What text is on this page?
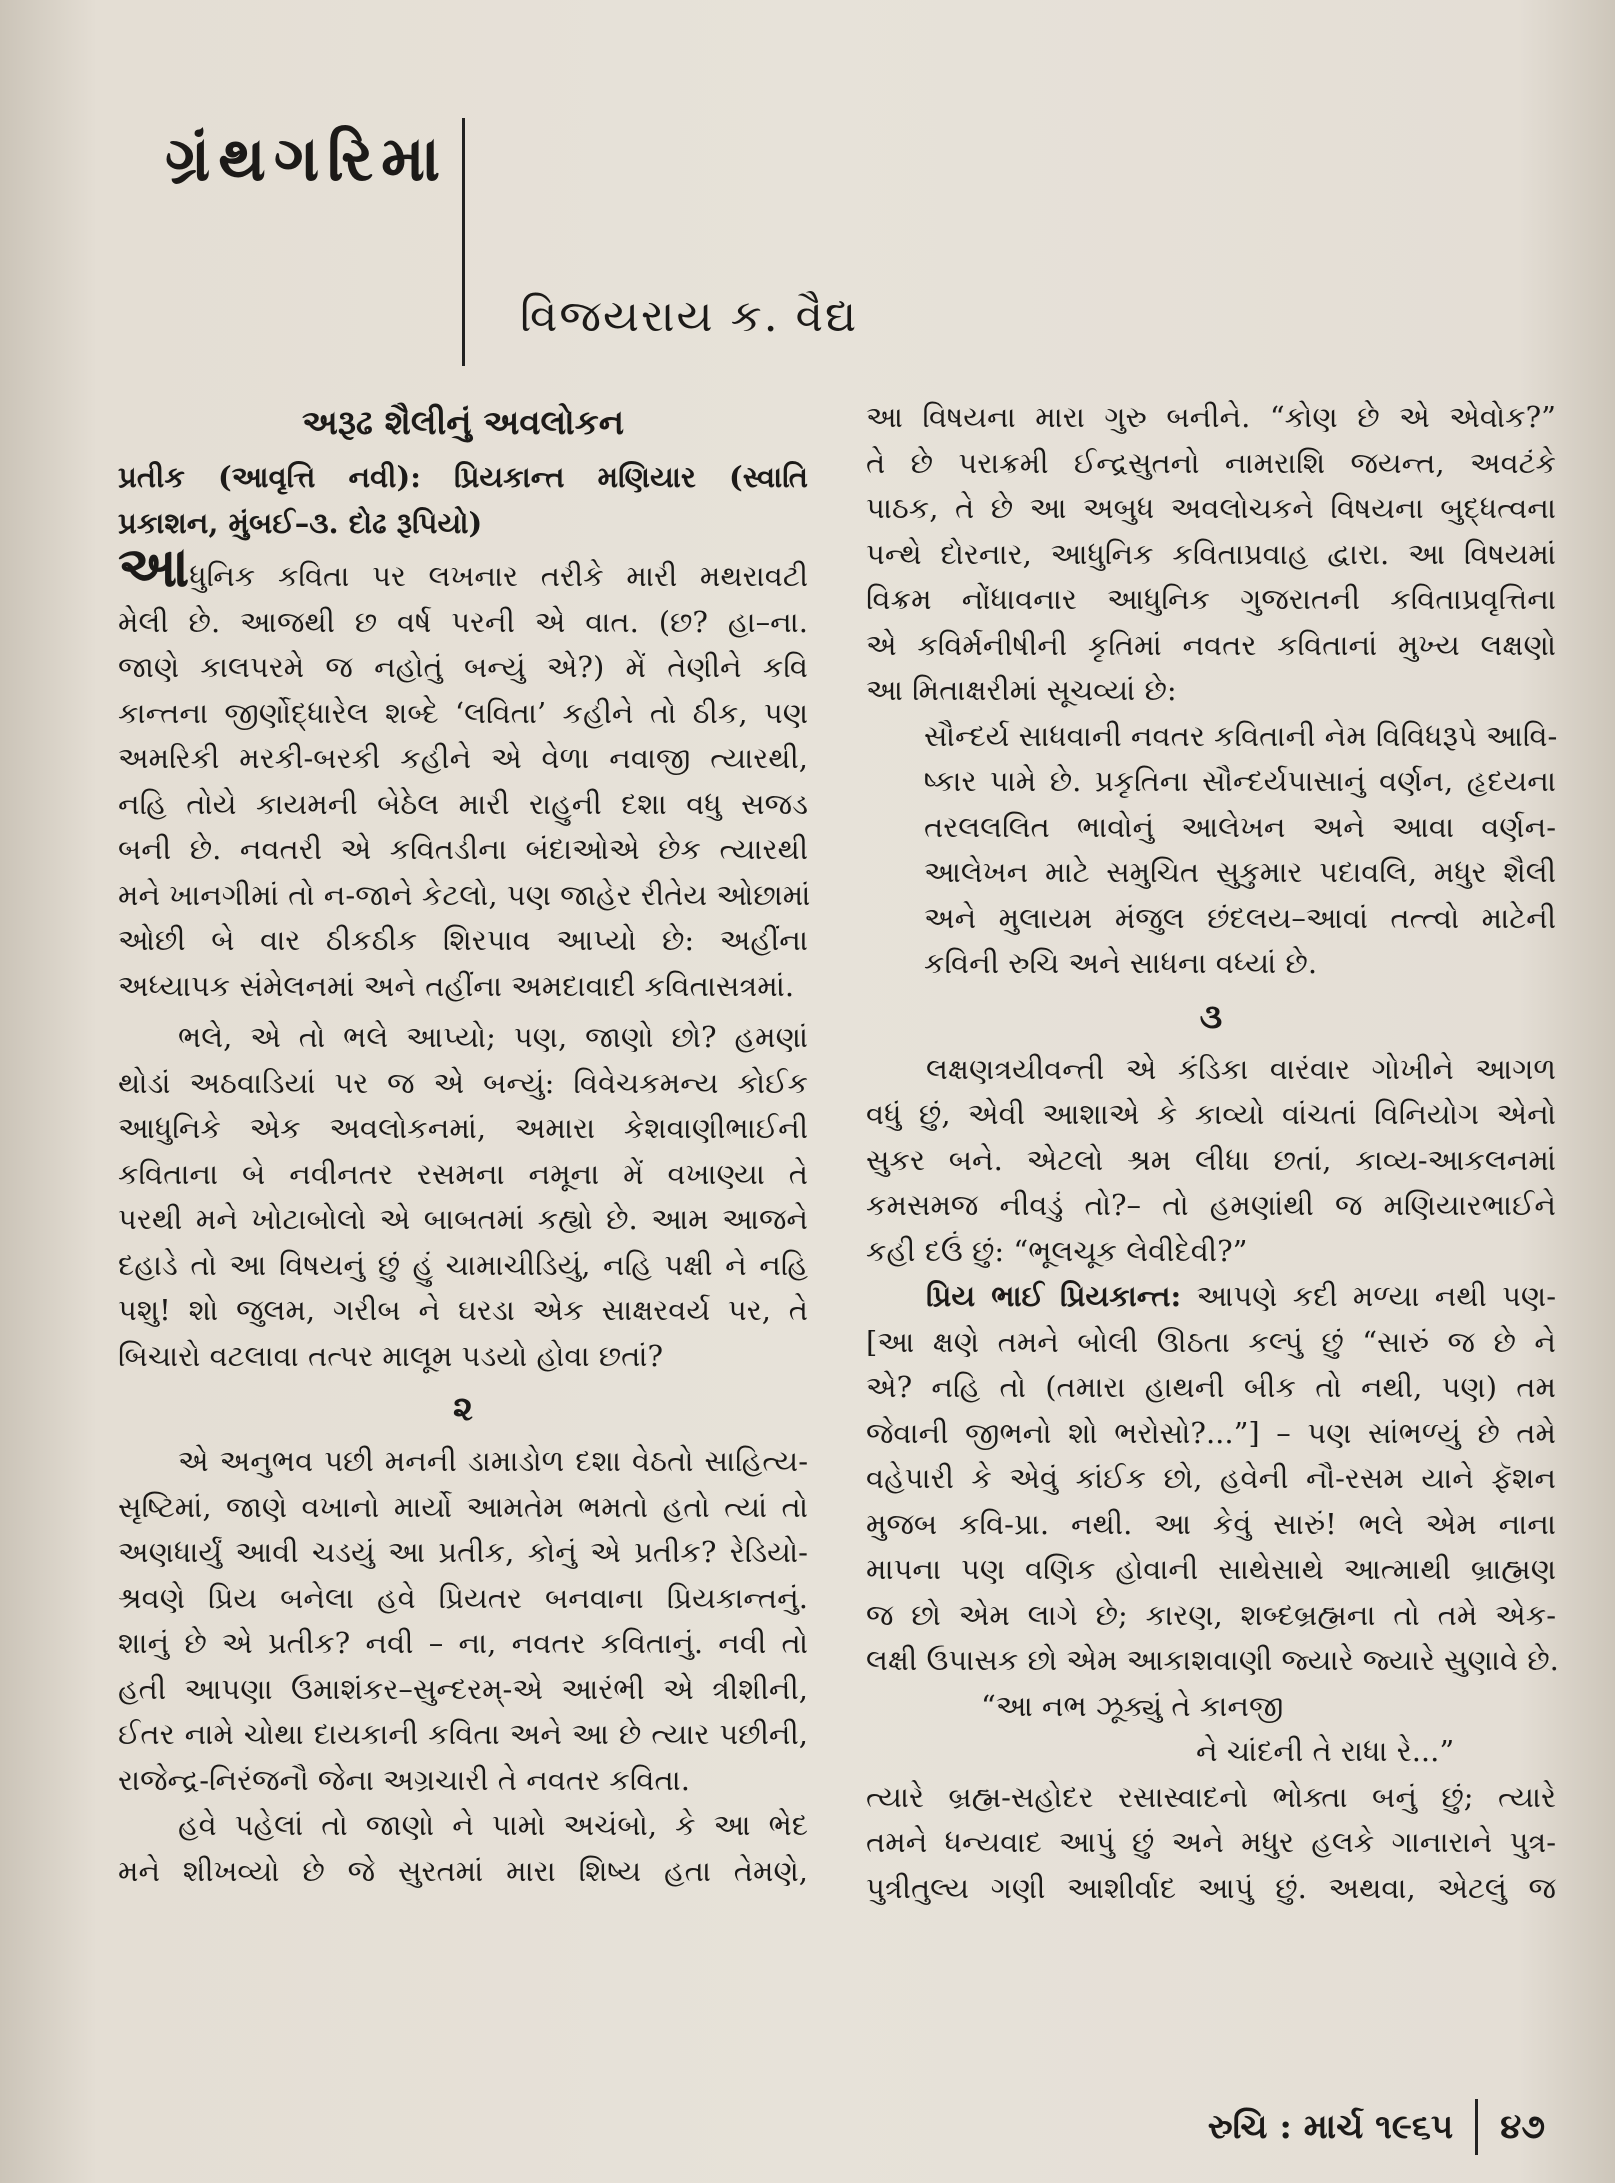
ગ્રંથગરિમા
વિજયરાય ક. વૈદ્ય
અરૂઢ શૈલીનું અવલોકન
પ્રતીક (આવૃત્તિ નવી): પ્રિયકાન્ત મણિયાર (સ્વાતિ
પ્રકાશન, મુંબઈ–૩. દોઢ રૂપિયો)
આધુનિક કવિતા પર લખનાર તરીકે મારી મથરાવટી
મેલી છે. આજથી છ વર્ષ પરની એ વાત. (છ? હા–ના.
જાણે કાલપરમે જ નહોતું બન્યું એ?) મેં તેણીને કવિ
કાન્તના જીર્ણોદ્ધારેલ શબ્દે ‘લવિતા’ કહીને તો ઠીક, પણ
અમરિકી મરકી-બરકી કહીને એ વેળા નવાજી ત્યારથી,
નહિ તોયે કાયમની બેઠેલ મારી રાહુની દશા વધુ સજડ
બની છે. નવતરી એ કવિતડીના બંદાઓએ છેક ત્યારથી
મને ખાનગીમાં તો ન-જાને કેટલો, પણ જાહેર રીતેય ઓછામાં
ઓછી બે વાર ઠીકઠીક શિરપાવ આપ્યો છે: અહીંના
અધ્યાપક સંમેલનમાં અને તહીંના અમદાવાદી કવિતાસત્રમાં.
ભલે, એ તો ભલે આપ્યો; પણ, જાણો છો? હમણાં
થોડાં અઠવાડિયાં પર જ એ બન્યું: વિવેચકમન્ય કોઈક
આધુનિકે એક અવલોકનમાં, અમારા કેશવાણીભાઈની
કવિતાના બે નવીનતર રસમના નમૂના મેં વખાણ્યા તે
પરથી મને ખોટાબોલો એ બાબતમાં કહ્યો છે. આમ આજને
દહાડે તો આ વિષયનું છું હું ચામાચીડિયું, નહિ પક્ષી ને નહિ
પશુ! શો જુલમ, ગરીબ ને ઘરડા એક સાક્ષરવર્ય પર, તે
બિચારો વટલાવા તત્પર માલૂમ પડયો હોવા છતાં?
૨
એ અનુભવ પછી મનની ડામાડોળ દશા વેઠતો સાહિત્ય-
સૃષ્ટિમાં, જાણે વખાનો માર્યો આમતેમ ભમતો હતો ત્યાં તો
અણધાર્યું આવી ચડયું આ પ્રતીક, કોનું એ પ્રતીક? રેડિયો-
શ્રવણે પ્રિય બનેલા હવે પ્રિયતર બનવાના પ્રિયકાન્તનું.
શાનું છે એ પ્રતીક? નવી – ના, નવતર કવિતાનું. નવી તો
હતી આપણા ઉમાશંકર–સુન્દરમ્-એ આરંભી એ ત્રીશીની,
ઈતર નામે ચોથા દાયકાની કવિતા અને આ છે ત્યાર પછીની,
રાજેન્દ્ર-નિરંજનૌ જેના અગ્રચારી તે નવતર કવિતા.
હવે પહેલાં તો જાણો ને પામો અચંબો, કે આ ભેદ
મને શીખવ્યો છે જે સુરતમાં મારા શિષ્ય હતા તેમણે,
આ વિષયના મારા ગુરુ બનીને. “કોણ છે એ એવોક?”
તે છે પરાક્રમી ઈન્દ્રસુતનો નામરાશિ જયન્ત, અવટંકે
પાઠક, તે છે આ અબુધ અવલોચકને વિષયના બુદ્ધત્વના
પન્થે દોરનાર, આધુનિક કવિતાપ્રવાહ દ્વારા. આ વિષયમાં
વિક્રમ નોંધાવનાર આધુનિક ગુજરાતની કવિતાપ્રવૃત્તિના
એ કવિર્મનીષીની કૃતિમાં નવતર કવિતાનાં મુખ્ય લક્ષણો
આ મિતાક્ષરીમાં સૂચવ્યાં છે:
સૌન્દર્ય સાધવાની નવતર કવિતાની નેમ વિવિધરૂપે આવિ-
ષ્કાર પામે છે. પ્રકૃતિના સૌન્દર્યપાસાનું વર્ણન, હૃદયના
તરલલલિત ભાવોનું આલેખન અને આવા વર્ણન-
આલેખન માટે સમુચિત સુકુમાર પદાવલિ, મધુર શૈલી
અને મુલાયમ મંજુલ છંદલય–આવાં તત્ત્વો માટેની
કવિની રુચિ અને સાધના વધ્યાં છે.
૩
લક્ષણત્રયીવન્તી એ કંડિકા વારંવાર ગોખીને આગળ
વધું છું, એવી આશાએ કે કાવ્યો વાંચતાં વિનિયોગ એનો
સુકર બને. એટલો શ્રમ લીધા છતાં, કાવ્ય-આકલનમાં
કમસમજ નીવડું તો?– તો હમણાંથી જ મણિયારભાઈને
કહી દઉં છું: “ભૂલચૂક લેવીદેવી?”
પ્રિય ભાઈ પ્રિયકાન્ત: આપણે કદી મળ્યા નથી પણ-
[આ ક્ષણે તમને બોલી ઊઠતા કલ્પું છું “સારું જ છે ને
એ? નહિ તો (તમારા હાથની બીક તો નથી, પણ) તમ
જેવાની જીભનો શો ભરોસો?...”] – પણ સાંભળ્યું છે તમે
વહેપારી કે એવું કાંઈક છો, હવેની નૌ-રસમ યાને ફૅશન
મુજબ કવિ-પ્રા. નથી. આ કેવું સારું! ભલે એમ નાના
માપના પણ વણિક હોવાની સાથેસાથે આત્માથી બ્રાહ્મણ
જ છો એમ લાગે છે; કારણ, શબ્દબ્રહ્મના તો તમે એક-
લક્ષી ઉપાસક છો એમ આકાશવાણી જ્યારે જ્યારે સુણાવે છે.
“આ નભ ઝૂક્યું તે કાનજી
ને ચાંદની તે રાધા રે...”
ત્યારે બ્રહ્મ-સહોદર રસાસ્વાદનો ભોક્તા બનું છું; ત્યારે
તમને ધન્યવાદ આપું છું અને મધુર હલકે ગાનારાને પુત્ર-
પુત્રીતુલ્ય ગણી આશીર્વાદ આપું છું. અથવા, એટલું જ
રુચિ : માર્ચ ૧૯૬૫ ૪૭
